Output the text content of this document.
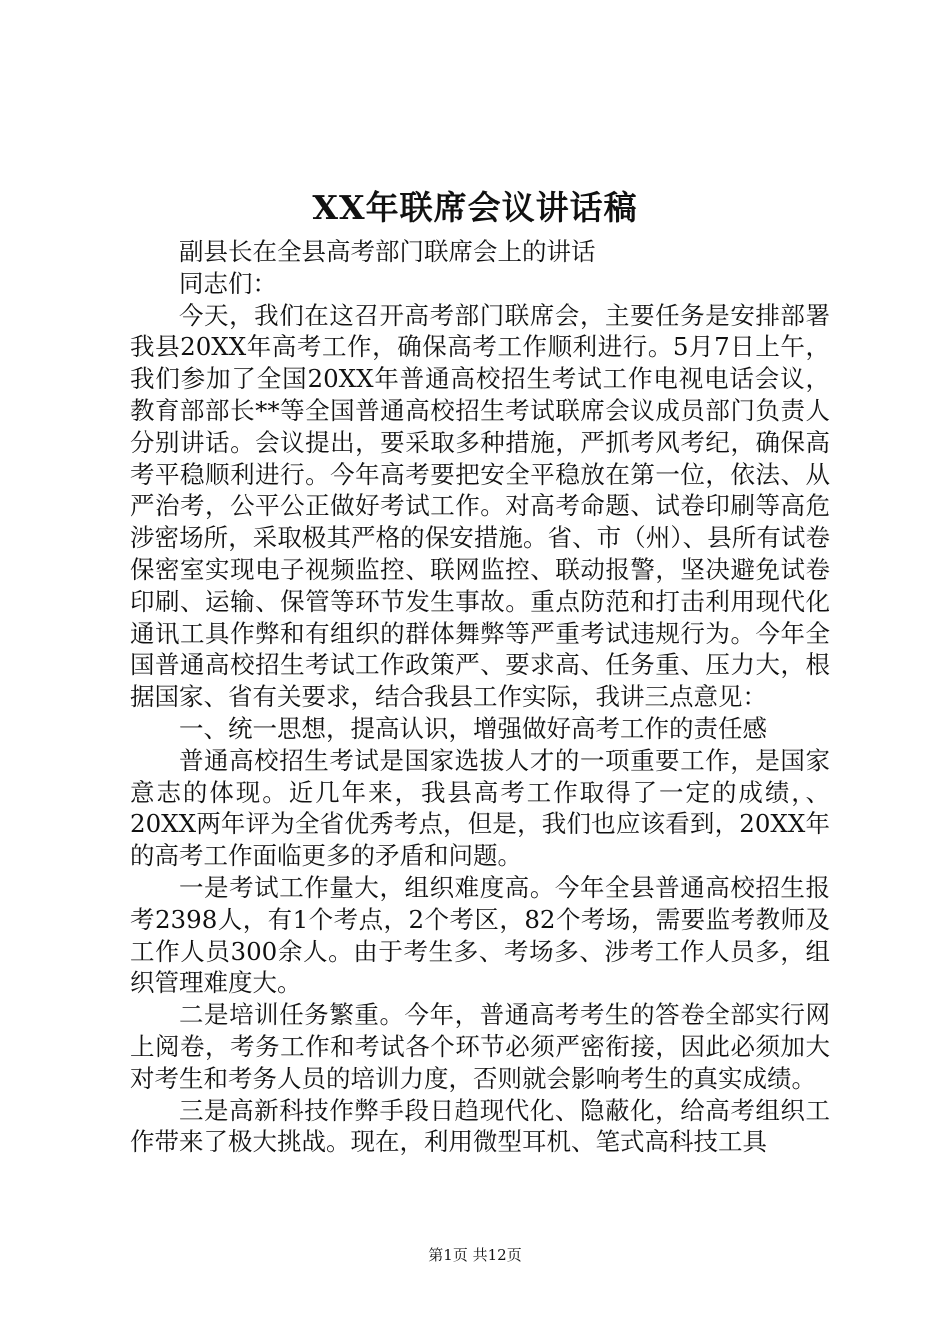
XX年联席会议讲话稿

副县长在全县高考部门联席会上的讲话

同志们：

今天，我们在这召开高考部门联席会，主要任务是安排部署我县20XX年高考工作，确保高考工作顺利进行。5月7日上午，我们参加了全国20XX年普通高校招生考试工作电视电话会议，教育部部长**等全国普通高校招生考试联席会议成员部门负责人分别讲话。会议提出，要采取多种措施，严抓考风考纪，确保高考平稳顺利进行。今年高考要把安全平稳放在第一位，依法、从严治考，公平公正做好考试工作。对高考命题、试卷印刷等高危涉密场所，采取极其严格的保安措施。省、市（州）、县所有试卷保密室实现电子视频监控、联网监控、联动报警，坚决避免试卷印刷、运输、保管等环节发生事故。重点防范和打击利用现代化通讯工具作弊和有组织的群体舞弊等严重考试违规行为。今年全国普通高校招生考试工作政策严、要求高、任务重、压力大，根据国家、省有关要求，结合我县工作实际，我讲三点意见：

一、统一思想，提高认识，增强做好高考工作的责任感

普通高校招生考试是国家选拔人才的一项重要工作，是国家意志的体现。近几年来，我县高考工作取得了一定的成绩，、20XX两年评为全省优秀考点，但是，我们也应该看到，20XX年的高考工作面临更多的矛盾和问题。

一是考试工作量大，组织难度高。今年全县普通高校招生报考2398人，有1个考点，2个考区，82个考场，需要监考教师及工作人员300余人。由于考生多、考场多、涉考工作人员多，组织管理难度大。

二是培训任务繁重。今年，普通高考考生的答卷全部实行网上阅卷，考务工作和考试各个环节必须严密衔接，因此必须加大对考生和考务人员的培训力度，否则就会影响考生的真实成绩。

三是高新科技作弊手段日趋现代化、隐蔽化，给高考组织工作带来了极大挑战。现在，利用微型耳机、笔式高科技工具

第1页 共12页
